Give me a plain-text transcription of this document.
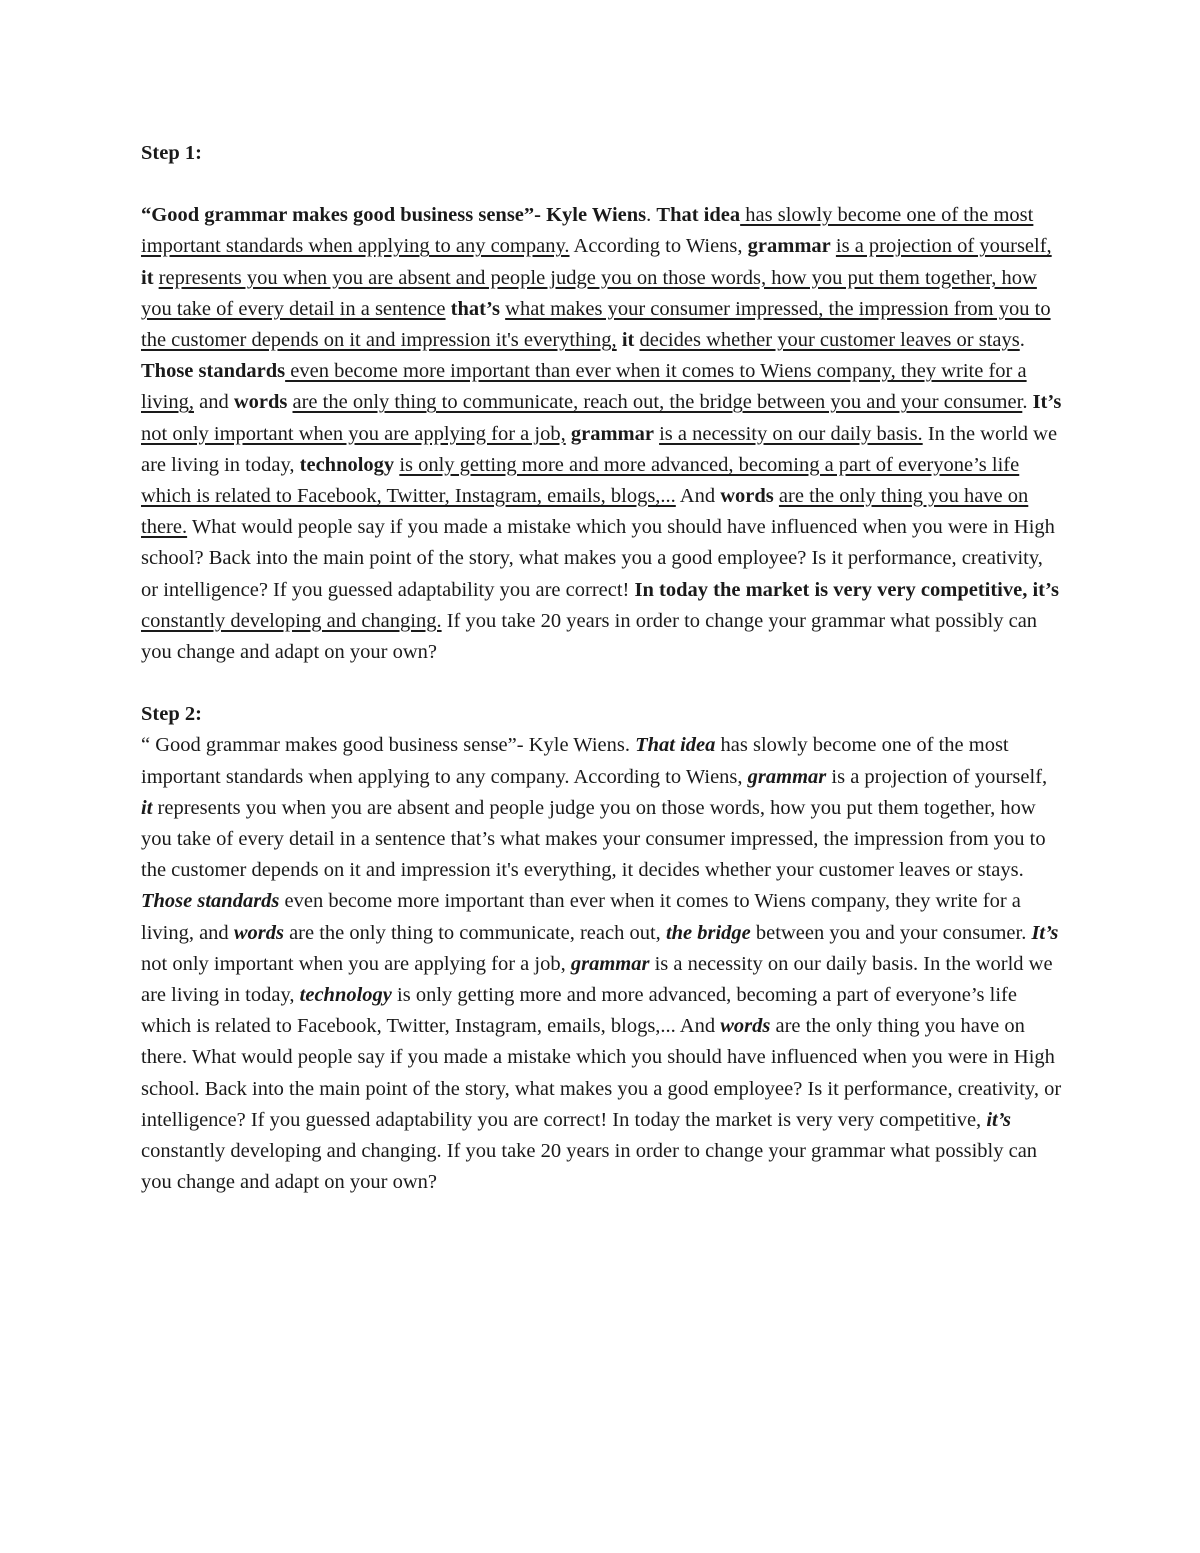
Step 1:

“Good grammar makes good business sense”- Kyle Wiens. That idea has slowly become one of the most important standards when applying to any company. According to Wiens, grammar is a projection of yourself, it represents you when you are absent and people judge you on those words, how you put them together, how you take of every detail in a sentence that’s what makes your consumer impressed, the impression from you to the customer depends on it and impression it's everything, it decides whether your customer leaves or stays. Those standards even become more important than ever when it comes to Wiens company, they write for a living, and words are the only thing to communicate, reach out, the bridge between you and your consumer. It’s not only important when you are applying for a job, grammar is a necessity on our daily basis. In the world we are living in today, technology is only getting more and more advanced, becoming a part of everyone’s life which is related to Facebook, Twitter, Instagram, emails, blogs,... And words are the only thing you have on there. What would people say if you made a mistake which you should have influenced when you were in High school? Back into the main point of the story, what makes you a good employee? Is it performance, creativity, or intelligence? If you guessed adaptability you are correct! In today the market is very very competitive, it’s constantly developing and changing. If you take 20 years in order to change your grammar what possibly can you change and adapt on your own?

Step 2:

“ Good grammar makes good business sense”- Kyle Wiens. That idea has slowly become one of the most important standards when applying to any company. According to Wiens, grammar is a projection of yourself, it represents you when you are absent and people judge you on those words, how you put them together, how you take of every detail in a sentence that’s what makes your consumer impressed, the impression from you to the customer depends on it and impression it's everything, it decides whether your customer leaves or stays. Those standards even become more important than ever when it comes to Wiens company, they write for a living, and words are the only thing to communicate, reach out, the bridge between you and your consumer. It’s not only important when you are applying for a job, grammar is a necessity on our daily basis. In the world we are living in today, technology is only getting more and more advanced, becoming a part of everyone’s life which is related to Facebook, Twitter, Instagram, emails, blogs,... And words are the only thing you have on there. What would people say if you made a mistake which you should have influenced when you were in High school. Back into the main point of the story, what makes you a good employee? Is it performance, creativity, or intelligence? If you guessed adaptability you are correct! In today the market is very very competitive, it’s constantly developing and changing. If you take 20 years in order to change your grammar what possibly can you change and adapt on your own?
